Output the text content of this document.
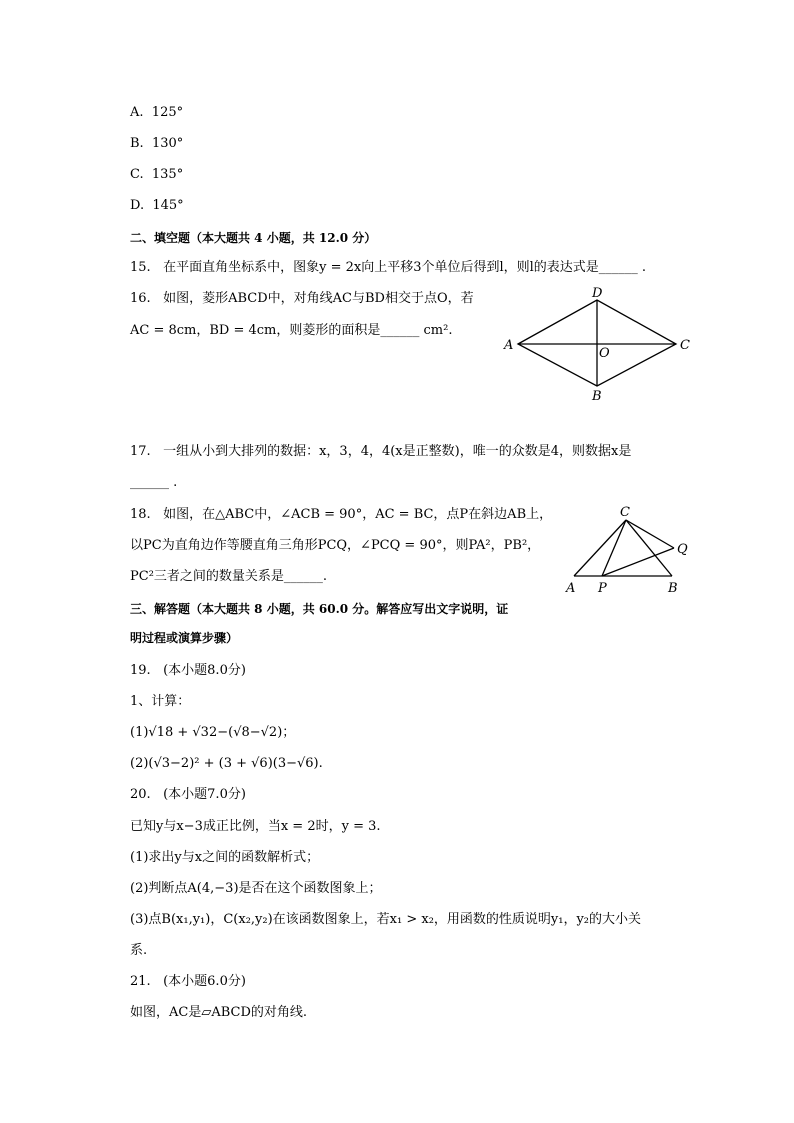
A. 125°
B. 130°
C. 135°
D. 145°
二、填空题（本大题共 4 小题，共 12.0 分）
15. 在平面直角坐标系中，图象y = 2x向上平移3个单位后得到l，则l的表达式是______ .
16. 如图，菱形ABCD中，对角线AC与BD相交于点O，若
AC = 8cm，BD = 4cm，则菱形的面积是______ cm².
A
D
C
B
O
17. 一组从小到大排列的数据：x，3，4，4(x是正整数)，唯一的众数是4，则数据x是
______ .
18. 如图，在△ABC中，∠ACB = 90°，AC = BC，点P在斜边AB上，
以PC为直角边作等腰直角三角形PCQ，∠PCQ = 90°，则PA²，PB²，
PC²三者之间的数量关系是______.
C
Q
A P	B
三、解答题（本大题共 8 小题，共 60.0 分。解答应写出文字说明，证
明过程或演算步骤）
19. (本小题8.0分)
1、计算：
(1)√18 + √32−(√8−√2)；
(2)(√3−2)² + (3 + √6)(3−√6).
20. (本小题7.0分)
已知y与x−3成正比例，当x = 2时，y = 3.
(1)求出y与x之间的函数解析式；
(2)判断点A(4,−3)是否在这个函数图象上；
(3)点B(x₁,y₁)，C(x₂,y₂)在该函数图象上，若x₁ > x₂，用函数的性质说明y₁，y₂的大小关
系.
21. (本小题6.0分)
如图，AC是▱ABCD的对角线.
